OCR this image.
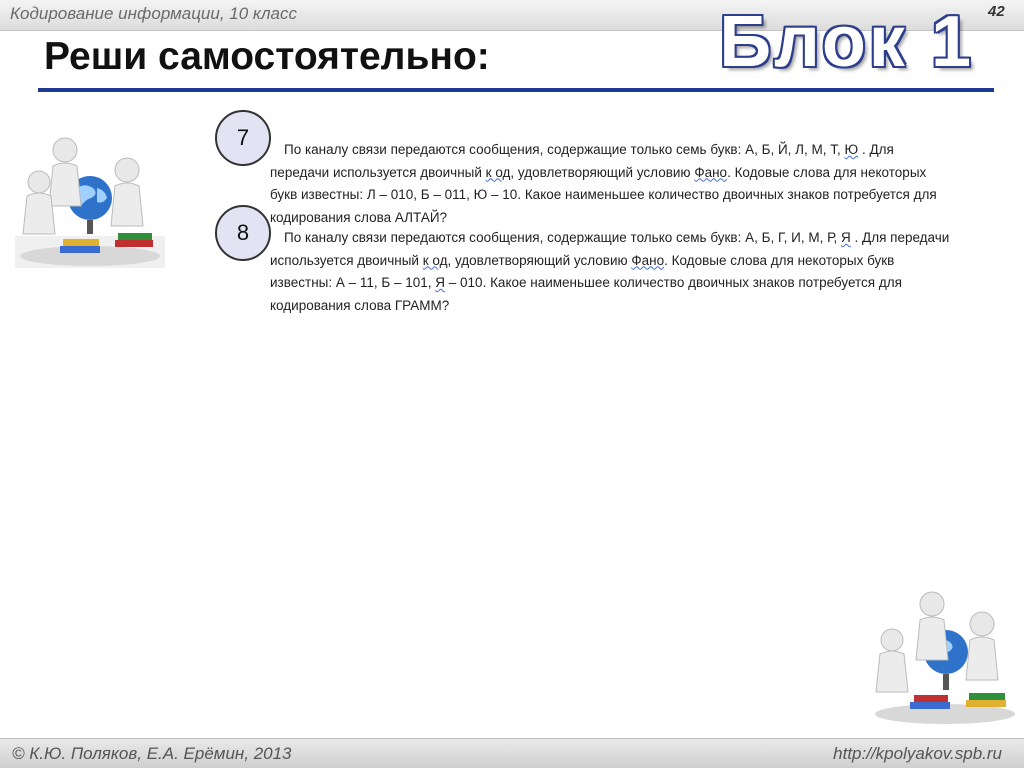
Кодирование информации, 10 класс	42
Блок 1
Реши самостоятельно:
7
8
По каналу связи передаются сообщения, содержащие только семь букв: А, Б, Й, Л, М, Т, Ю . Для передачи используется двоичный к од, удовлетворяющий условию Фано. Кодовые слова для некоторых букв известны: Л – 010, Б – 011, Ю – 10. Какое наименьшее количество двоичных знаков потребуется для кодирования слова АЛТАЙ?
По каналу связи передаются сообщения, содержащие только семь букв: А, Б, Г, И, М, Р, Я . Для передачи используется двоичный к од, удовлетворяющий условию Фано. Кодовые слова для некоторых букв известны: А – 11, Б – 101, Я – 010. Какое наименьшее количество двоичных знаков потребуется для кодирования слова ГРАММ?
© К.Ю. Поляков, Е.А. Ерёмин, 2013	http://kpolyakov.spb.ru
